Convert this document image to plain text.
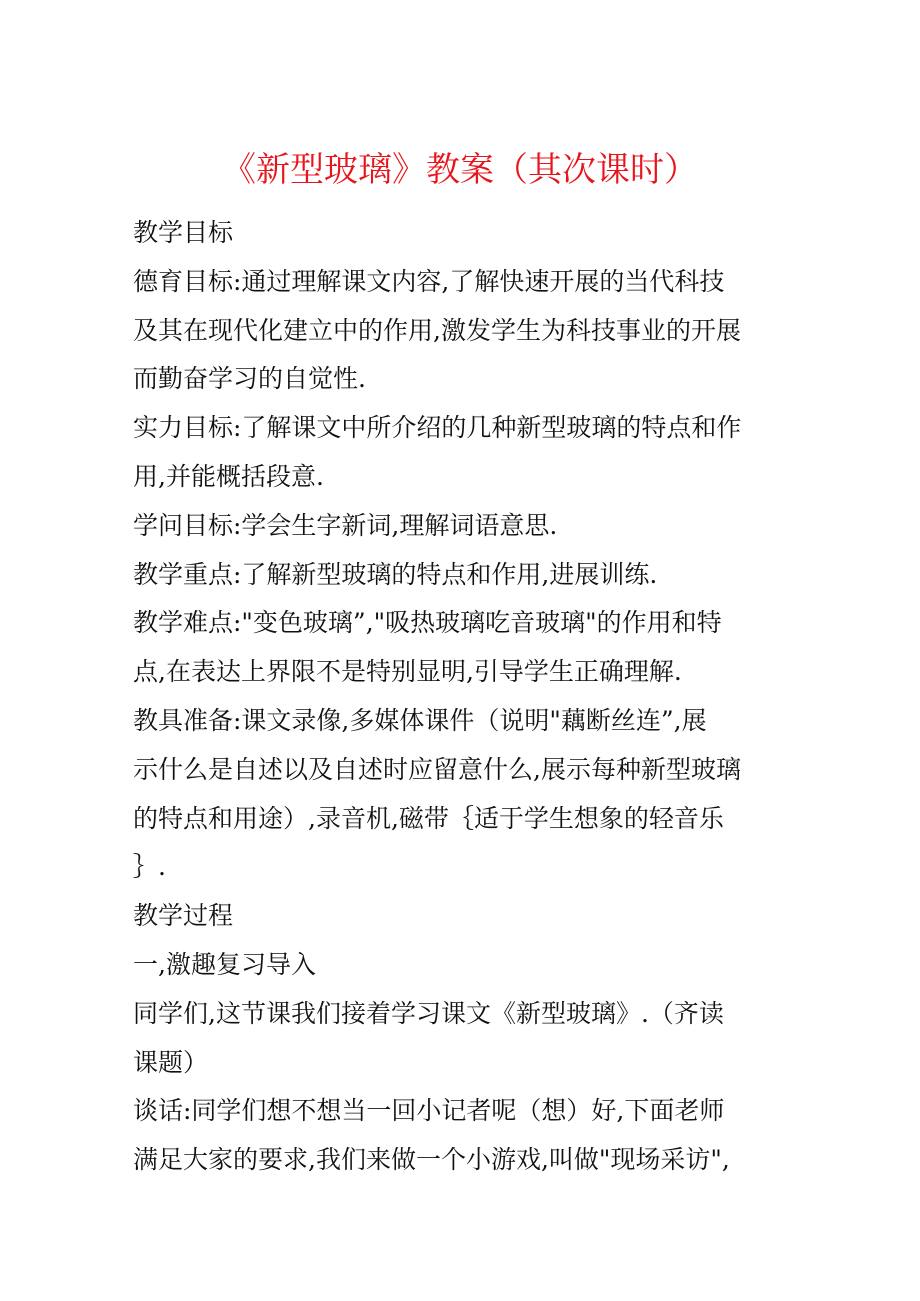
《新型玻璃》教案（其次课时）
教学目标
德育目标:通过理解课文内容,了解快速开展的当代科技
及其在现代化建立中的作用,激发学生为科技事业的开展
而勤奋学习的自觉性.
实力目标:了解课文中所介绍的几种新型玻璃的特点和作
用,并能概括段意.
学问目标:学会生字新词,理解词语意思.
教学重点:了解新型玻璃的特点和作用,进展训练.
教学难点:"变色玻璃”,"吸热玻璃吃音玻璃"的作用和特
点,在表达上界限不是特别显明,引导学生正确理解.
教具准备:课文录像,多媒体课件（说明"藕断丝连”,展
示什么是自述以及自述时应留意什么,展示每种新型玻璃
的特点和用途）,录音机,磁带｛适于学生想象的轻音乐
｝.
教学过程
一,激趣复习导入
同学们,这节课我们接着学习课文《新型玻璃》.（齐读
课题）
谈话:同学们想不想当一回小记者呢（想）好,下面老师
满足大家的要求,我们来做一个小游戏,叫做"现场采访",
